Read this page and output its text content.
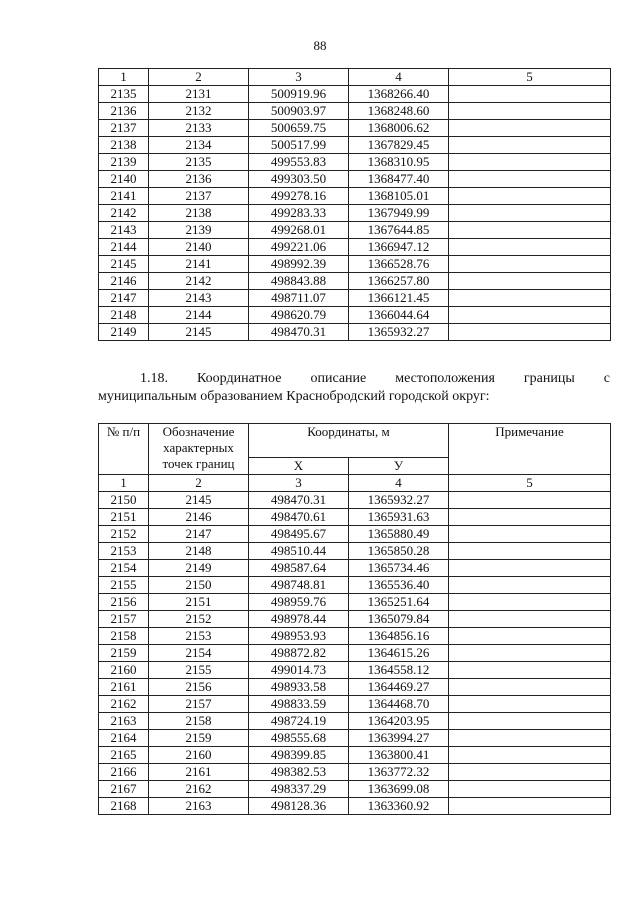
88
1	2	3	4	5
2135	2131	500919.96	1368266.40	
2136	2132	500903.97	1368248.60	
2137	2133	500659.75	1368006.62	
2138	2134	500517.99	1367829.45	
2139	2135	499553.83	1368310.95	
2140	2136	499303.50	1368477.40	
2141	2137	499278.16	1368105.01	
2142	2138	499283.33	1367949.99	
2143	2139	499268.01	1367644.85	
2144	2140	499221.06	1366947.12	
2145	2141	498992.39	1366528.76	
2146	2142	498843.88	1366257.80	
2147	2143	498711.07	1366121.45	
2148	2144	498620.79	1366044.64	
2149	2145	498470.31	1365932.27	
1.18. Координатное описание местоположения границы с
муниципальным образованием Краснобродский городской округ:
№ п/п	Обозначение характерных точек границ	Координаты, м		Примечание
		Х	У	
1	2	3	4	5
2150	2145	498470.31	1365932.27	
2151	2146	498470.61	1365931.63	
2152	2147	498495.67	1365880.49	
2153	2148	498510.44	1365850.28	
2154	2149	498587.64	1365734.46	
2155	2150	498748.81	1365536.40	
2156	2151	498959.76	1365251.64	
2157	2152	498978.44	1365079.84	
2158	2153	498953.93	1364856.16	
2159	2154	498872.82	1364615.26	
2160	2155	499014.73	1364558.12	
2161	2156	498933.58	1364469.27	
2162	2157	498833.59	1364468.70	
2163	2158	498724.19	1364203.95	
2164	2159	498555.68	1363994.27	
2165	2160	498399.85	1363800.41	
2166	2161	498382.53	1363772.32	
2167	2162	498337.29	1363699.08	
2168	2163	498128.36	1363360.92	
